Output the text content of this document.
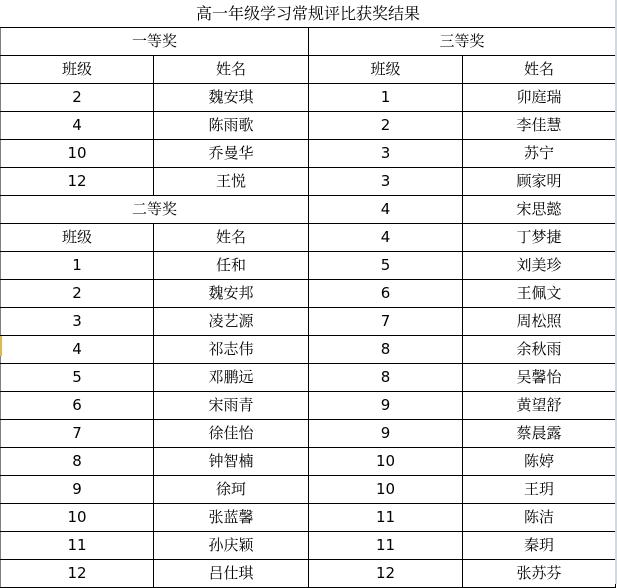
高一年级学习常规评比获奖结果			
一等奖		三等奖	
班级	姓名	班级	姓名
2	魏安琪	1	卯庭瑞
4	陈雨歌	2	李佳慧
10	乔曼华	3	苏宁
12	王悦	3	顾家明
二等奖		4	宋思懿
班级	姓名	4	丁梦捷
1	任和	5	刘美珍
2	魏安邦	6	王佩文
3	凌艺源	7	周松照
4	祁志伟	8	余秋雨
5	邓鹏远	8	吴馨怡
6	宋雨青	9	黄望舒
7	徐佳怡	9	蔡晨露
8	钟智楠	10	陈婷
9	徐珂	10	王玥
10	张蓝馨	11	陈洁
11	孙庆颖	11	秦玥
12	吕仕琪	12	张苏芬
